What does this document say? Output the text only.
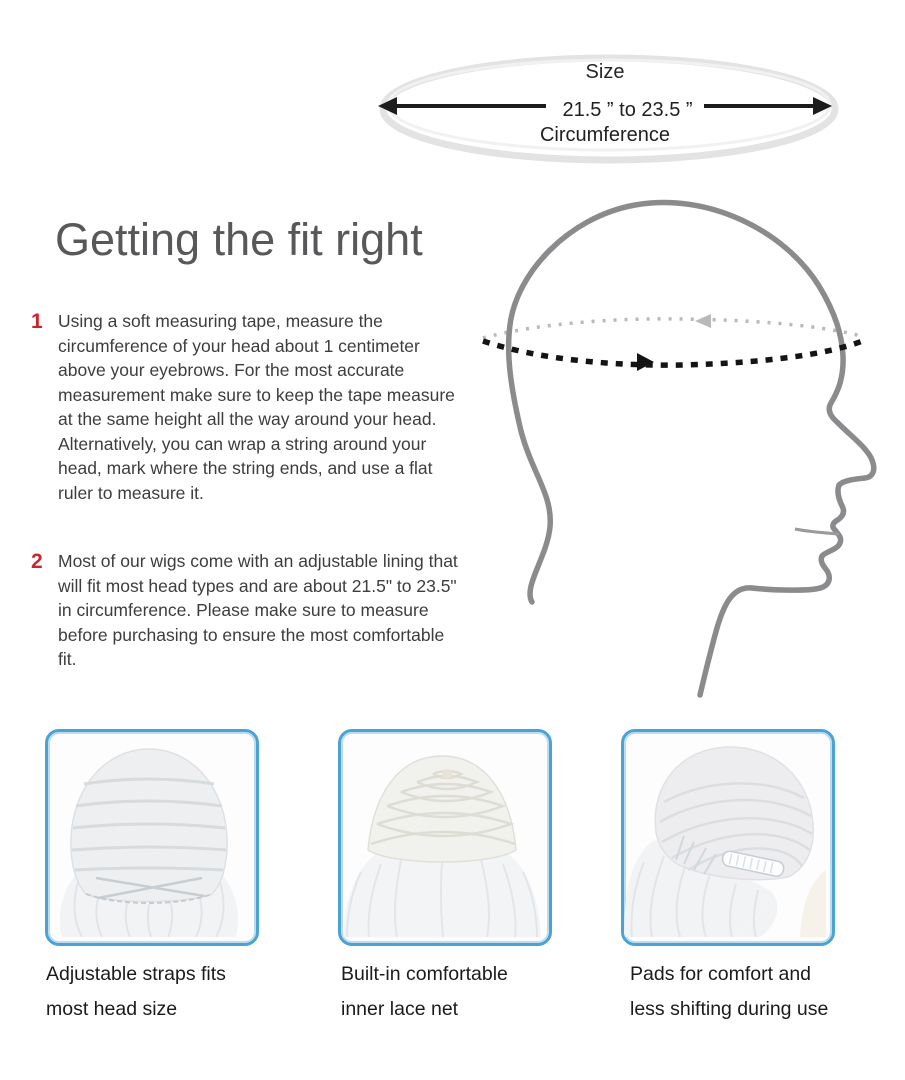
Size
21.5 ” to 23.5 ”
Circumference
Getting the fit right
1 Using a soft measuring tape, measure the circumference of your head about 1 centimeter above your eyebrows. For the most accurate measurement make sure to keep the tape measure at the same height all the way around your head. Alternatively, you can wrap a string around your head, mark where the string ends, and use a flat ruler to measure it.

2 Most of our wigs come with an adjustable lining that will fit most head types and are about 21.5" to 23.5" in circumference. Please make sure to measure before purchasing to ensure the most comfortable fit.

Adjustable straps fits
most head size
Built-in comfortable
inner lace net
Pads for comfort and
less shifting during use
